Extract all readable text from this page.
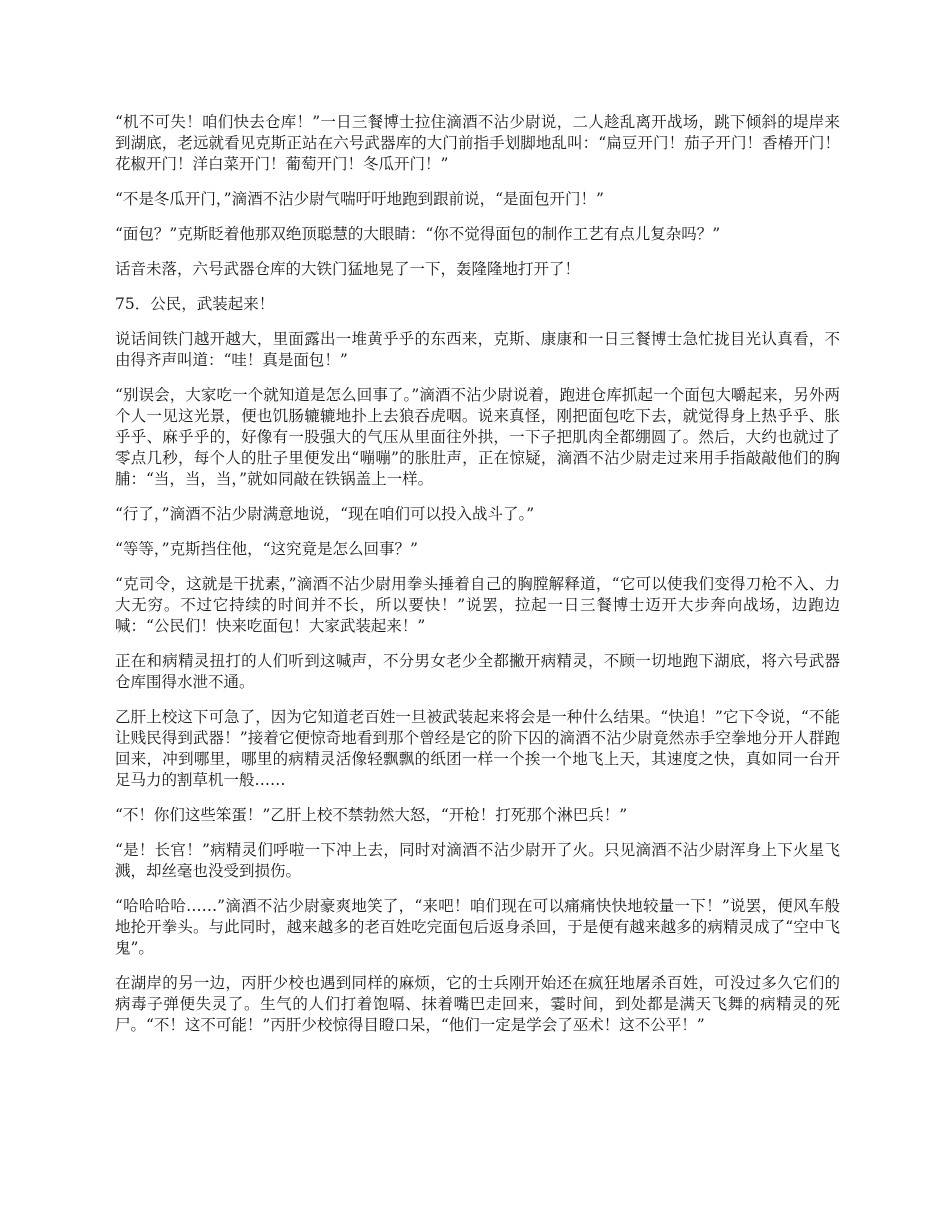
“机不可失！咱们快去仓库！”一日三餐博士拉住滴酒不沾少尉说，二人趁乱离开战场，跳下倾斜的堤岸来到湖底，老远就看见克斯正站在六号武器库的大门前指手划脚地乱叫：“扁豆开门！茄子开门！香椿开门！花椒开门！洋白菜开门！葡萄开门！冬瓜开门！”

“不是冬瓜开门，”滴酒不沾少尉气喘吁吁地跑到跟前说，“是面包开门！”

“面包？”克斯眨着他那双绝顶聪慧的大眼睛：“你不觉得面包的制作工艺有点儿复杂吗？”

话音未落，六号武器仓库的大铁门猛地晃了一下，轰隆隆地打开了！

75．公民，武装起来！

说话间铁门越开越大，里面露出一堆黄乎乎的东西来，克斯、康康和一日三餐博士急忙拢目光认真看，不由得齐声叫道：“哇！真是面包！”

“别误会，大家吃一个就知道是怎么回事了。”滴酒不沾少尉说着，跑进仓库抓起一个面包大嚼起来，另外两个人一见这光景，便也饥肠辘辘地扑上去狼吞虎咽。说来真怪，刚把面包吃下去，就觉得身上热乎乎、胀乎乎、麻乎乎的，好像有一股强大的气压从里面往外拱，一下子把肌肉全都绷圆了。然后，大约也就过了零点几秒，每个人的肚子里便发出“嘣嘣”的胀肚声，正在惊疑，滴酒不沾少尉走过来用手指敲敲他们的胸脯：“当，当，当，”就如同敲在铁锅盖上一样。

“行了，”滴酒不沾少尉满意地说，“现在咱们可以投入战斗了。”

“等等，”克斯挡住他，“这究竟是怎么回事？”

“克司令，这就是干扰素，”滴酒不沾少尉用拳头捶着自己的胸膛解释道，“它可以使我们变得刀枪不入、力大无穷。不过它持续的时间并不长，所以要快！”说罢，拉起一日三餐博士迈开大步奔向战场，边跑边喊：“公民们！快来吃面包！大家武装起来！”

正在和病精灵扭打的人们听到这喊声，不分男女老少全都撇开病精灵，不顾一切地跑下湖底，将六号武器仓库围得水泄不通。

乙肝上校这下可急了，因为它知道老百姓一旦被武装起来将会是一种什么结果。“快追！”它下令说，“不能让贱民得到武器！”接着它便惊奇地看到那个曾经是它的阶下囚的滴酒不沾少尉竟然赤手空拳地分开人群跑回来，冲到哪里，哪里的病精灵活像轻飘飘的纸团一样一个挨一个地飞上天，其速度之快，真如同一台开足马力的割草机一般……

“不！你们这些笨蛋！”乙肝上校不禁勃然大怒，“开枪！打死那个淋巴兵！”

“是！长官！”病精灵们呼啦一下冲上去，同时对滴酒不沾少尉开了火。只见滴酒不沾少尉浑身上下火星飞溅，却丝毫也没受到损伤。

“哈哈哈哈……”滴酒不沾少尉豪爽地笑了，“来吧！咱们现在可以痛痛快快地较量一下！”说罢，便风车般地抡开拳头。与此同时，越来越多的老百姓吃完面包后返身杀回，于是便有越来越多的病精灵成了“空中飞鬼”。

在湖岸的另一边，丙肝少校也遇到同样的麻烦，它的士兵刚开始还在疯狂地屠杀百姓，可没过多久它们的病毒子弹便失灵了。生气的人们打着饱嗝、抹着嘴巴走回来，霎时间，到处都是满天飞舞的病精灵的死尸。“不！这不可能！”丙肝少校惊得目瞪口呆，“他们一定是学会了巫术！这不公平！”
